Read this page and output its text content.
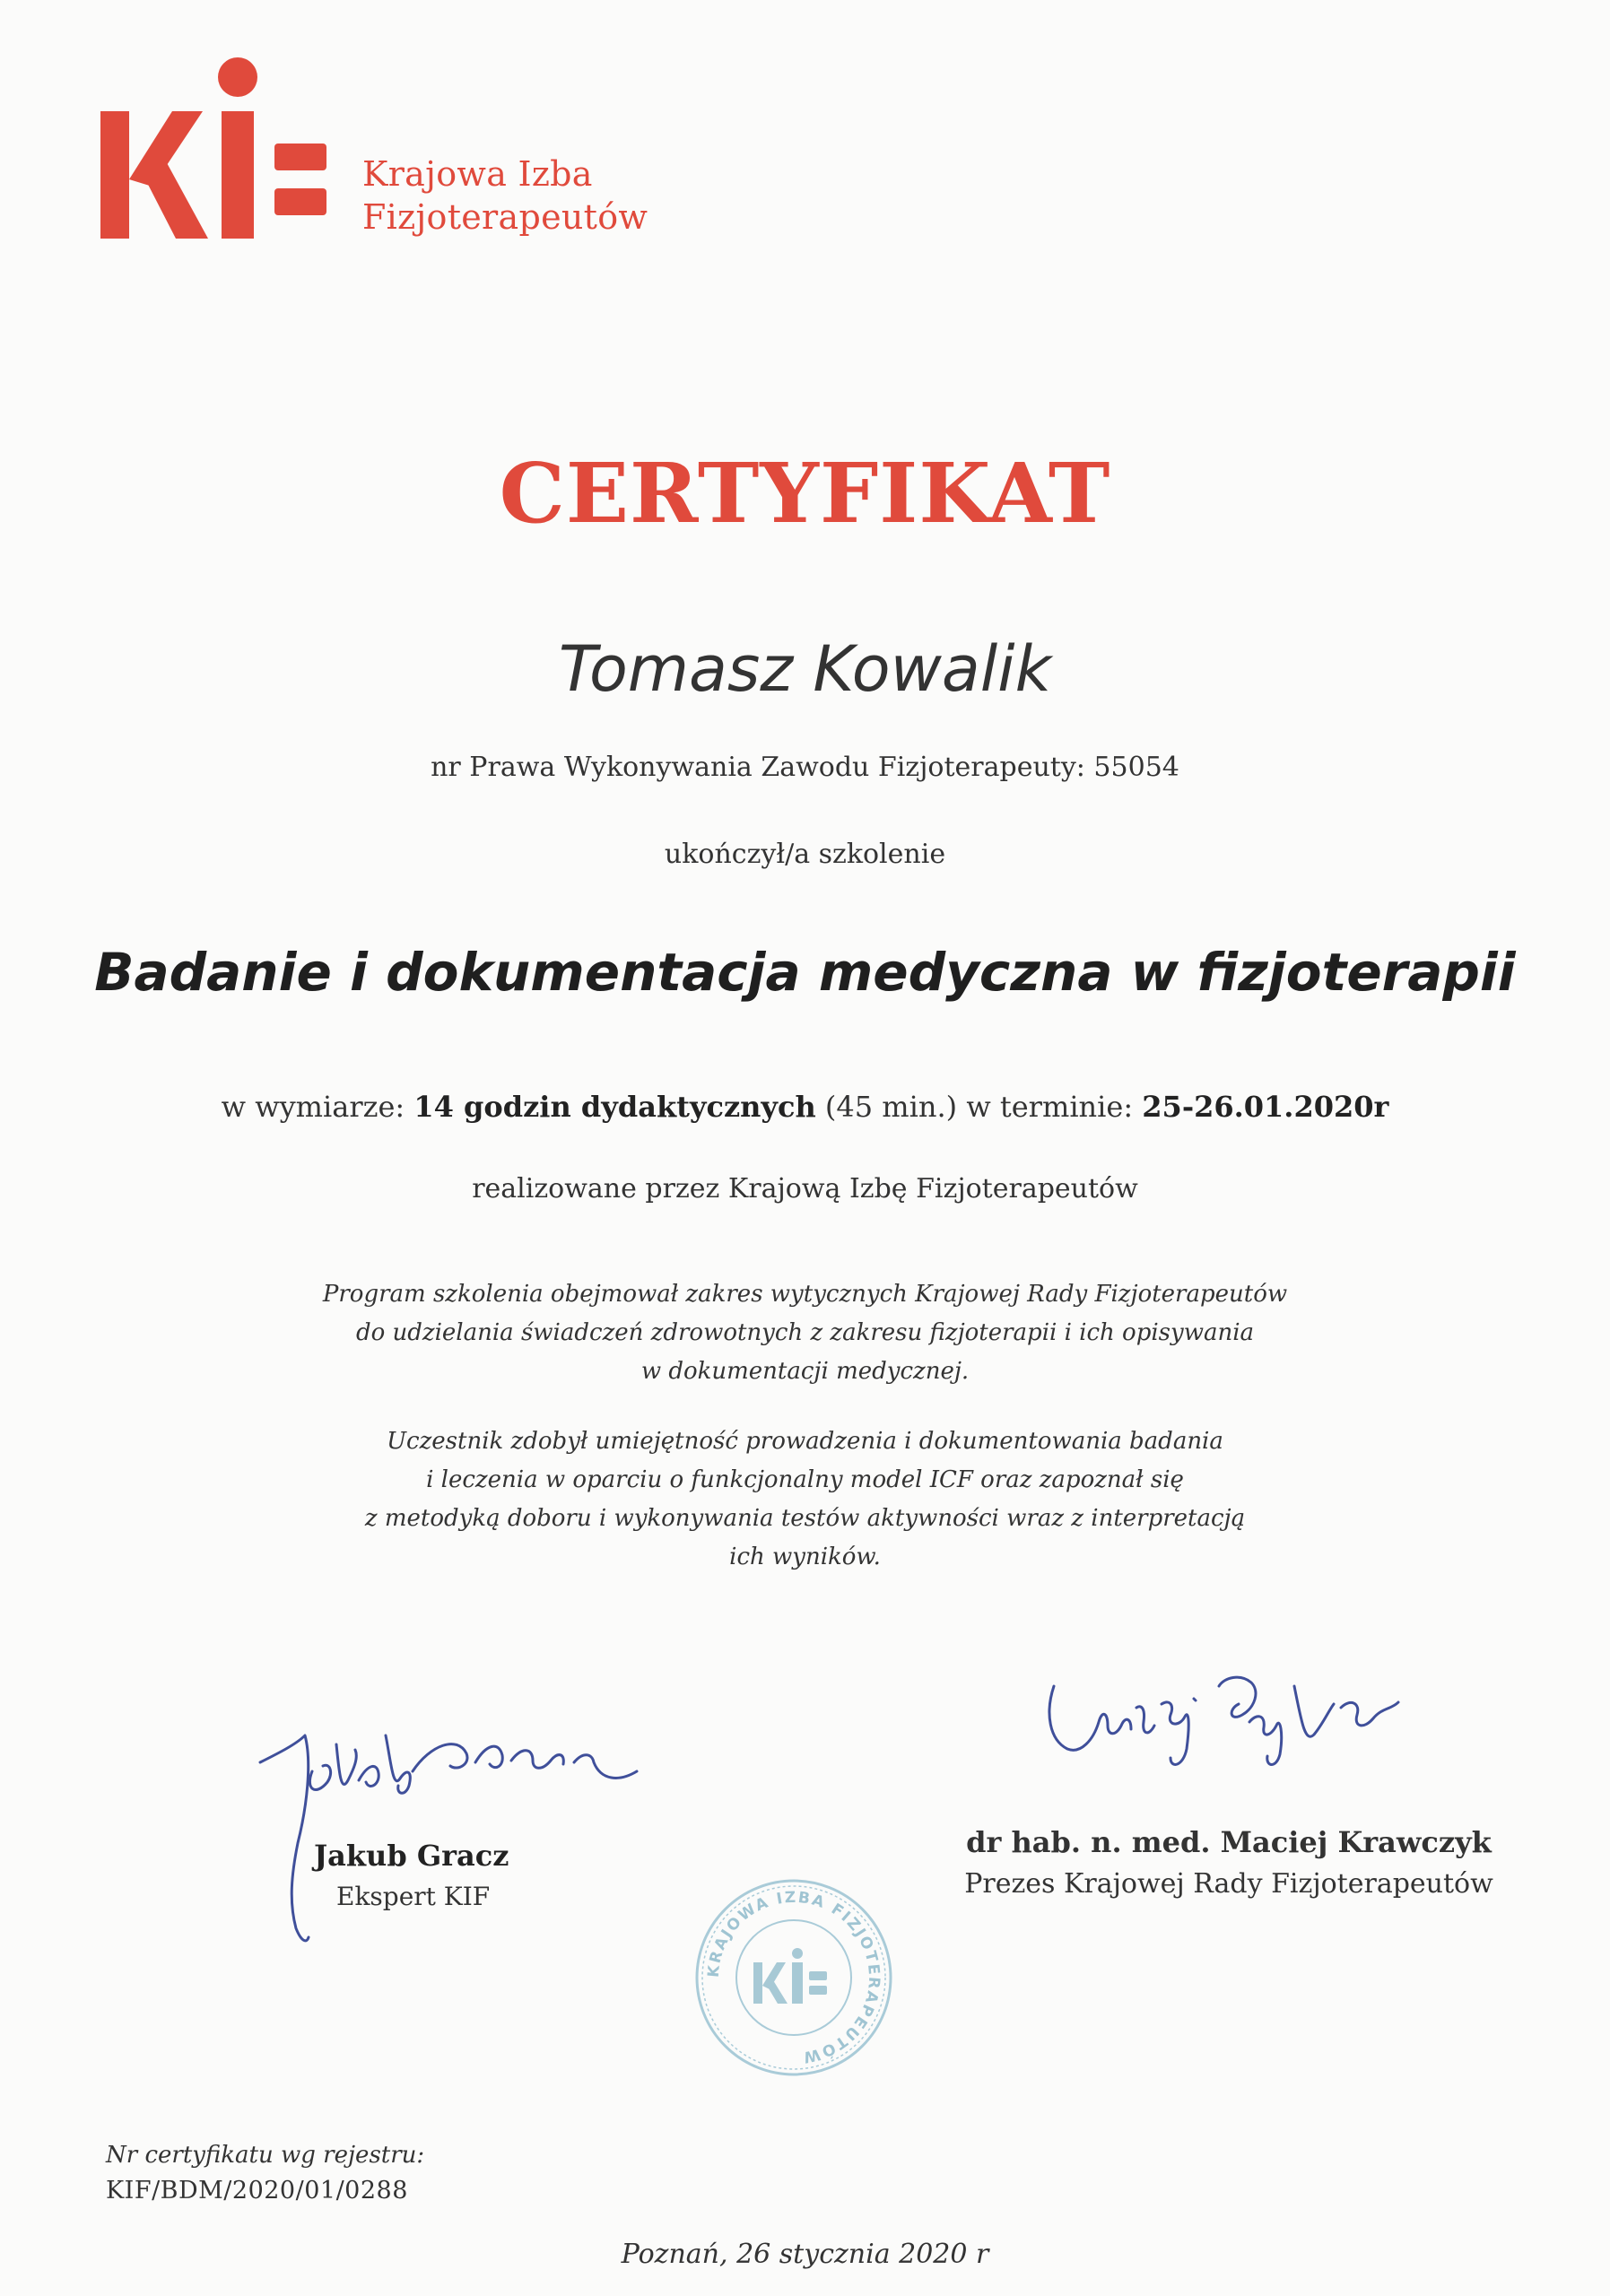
Krajowa Izba
Fizjoterapeutów
CERTYFIKAT
Tomasz Kowalik
nr Prawa Wykonywania Zawodu Fizjoterapeuty: 55054
ukończył/a szkolenie
Badanie i dokumentacja medyczna w fizjoterapii
w wymiarze: 14 godzin dydaktycznych (45 min.) w terminie: 25-26.01.2020r
realizowane przez Krajową Izbę Fizjoterapeutów
Program szkolenia obejmował zakres wytycznych Krajowej Rady Fizjoterapeutów
do udzielania świadczeń zdrowotnych z zakresu fizjoterapii i ich opisywania
w dokumentacji medycznej.
Uczestnik zdobył umiejętność prowadzenia i dokumentowania badania
i leczenia w oparciu o funkcjonalny model ICF oraz zapoznał się
z metodyką doboru i wykonywania testów aktywności wraz z interpretacją
ich wyników.
Jakub Gracz
Ekspert KIF
dr hab. n. med. Maciej Krawczyk
Prezes Krajowej Rady Fizjoterapeutów
KRAJOWA IZBA FIZJOTERAPEUTÓW
Nr certyfikatu wg rejestru:
KIF/BDM/2020/01/0288
Poznań, 26 stycznia 2020 r
